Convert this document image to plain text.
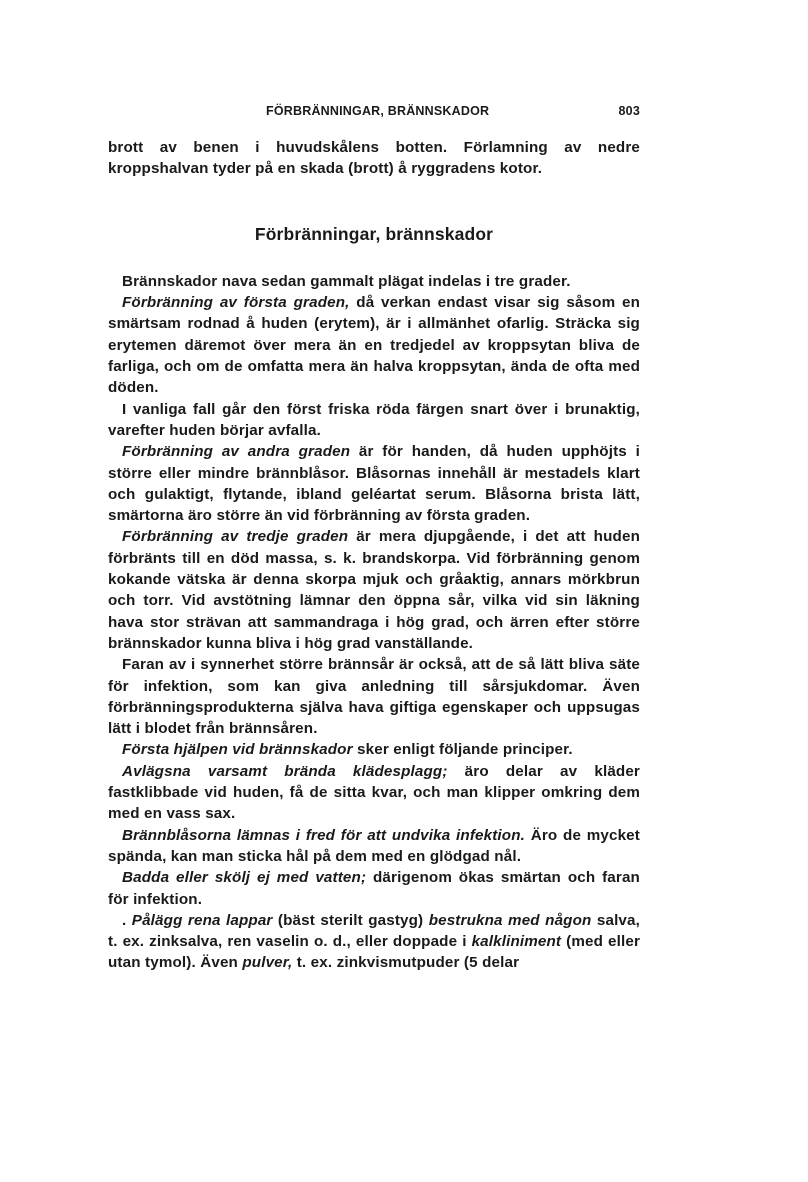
FÖRBRÄNNINGAR, BRÄNNSKADOR	803

brott av benen i huvudskålens botten. Förlamning av nedre kroppshalvan tyder på en skada (brott) å ryggradens kotor.

Förbränningar, brännskador

Brännskador nava sedan gammalt plägat indelas i tre grader.

Förbränning av första graden, då verkan endast visar sig såsom en smärtsam rodnad å huden (erytem), är i allmänhet ofarlig. Sträcka sig erytemen däremot över mera än en tredjedel av kroppsytan bliva de farliga, och om de omfatta mera än halva kroppsytan, ända de ofta med döden.

I vanliga fall går den först friska röda färgen snart över i brunaktig, varefter huden börjar avfalla.

Förbränning av andra graden är för handen, då huden upphöjts i större eller mindre brännblåsor. Blåsornas innehåll är mestadels klart och gulaktigt, flytande, ibland geléartat serum. Blåsorna brista lätt, smärtorna äro större än vid förbränning av första graden.

Förbränning av tredje graden är mera djupgående, i det att huden förbränts till en död massa, s. k. brandskorpa. Vid förbränning genom kokande vätska är denna skorpa mjuk och gråaktig, annars mörkbrun och torr. Vid avstötning lämnar den öppna sår, vilka vid sin läkning hava stor strävan att sammandraga i hög grad, och ärren efter större brännskador kunna bliva i hög grad vanställande.

Faran av i synnerhet större brännsår är också, att de så lätt bliva säte för infektion, som kan giva anledning till sårsjukdomar. Även förbränningsprodukterna själva hava giftiga egenskaper och uppsugas lätt i blodet från brännsåren.

Första hjälpen vid brännskador sker enligt följande principer.

Avlägsna varsamt brända klädesplagg; äro delar av kläder fastklibbade vid huden, få de sitta kvar, och man klipper omkring dem med en vass sax.

Brännblåsorna lämnas i fred för att undvika infektion. Äro de mycket spända, kan man sticka hål på dem med en glödgad nål.

Badda eller skölj ej med vatten; därigenom ökas smärtan och faran för infektion.

. Pålägg rena lappar (bäst sterilt gastyg) bestrukna med någon salva, t. ex. zinksalva, ren vaselin o. d., eller doppade i kalkliniment (med eller utan tymol). Även pulver, t. ex. zinkvismutpuder (5 delar
